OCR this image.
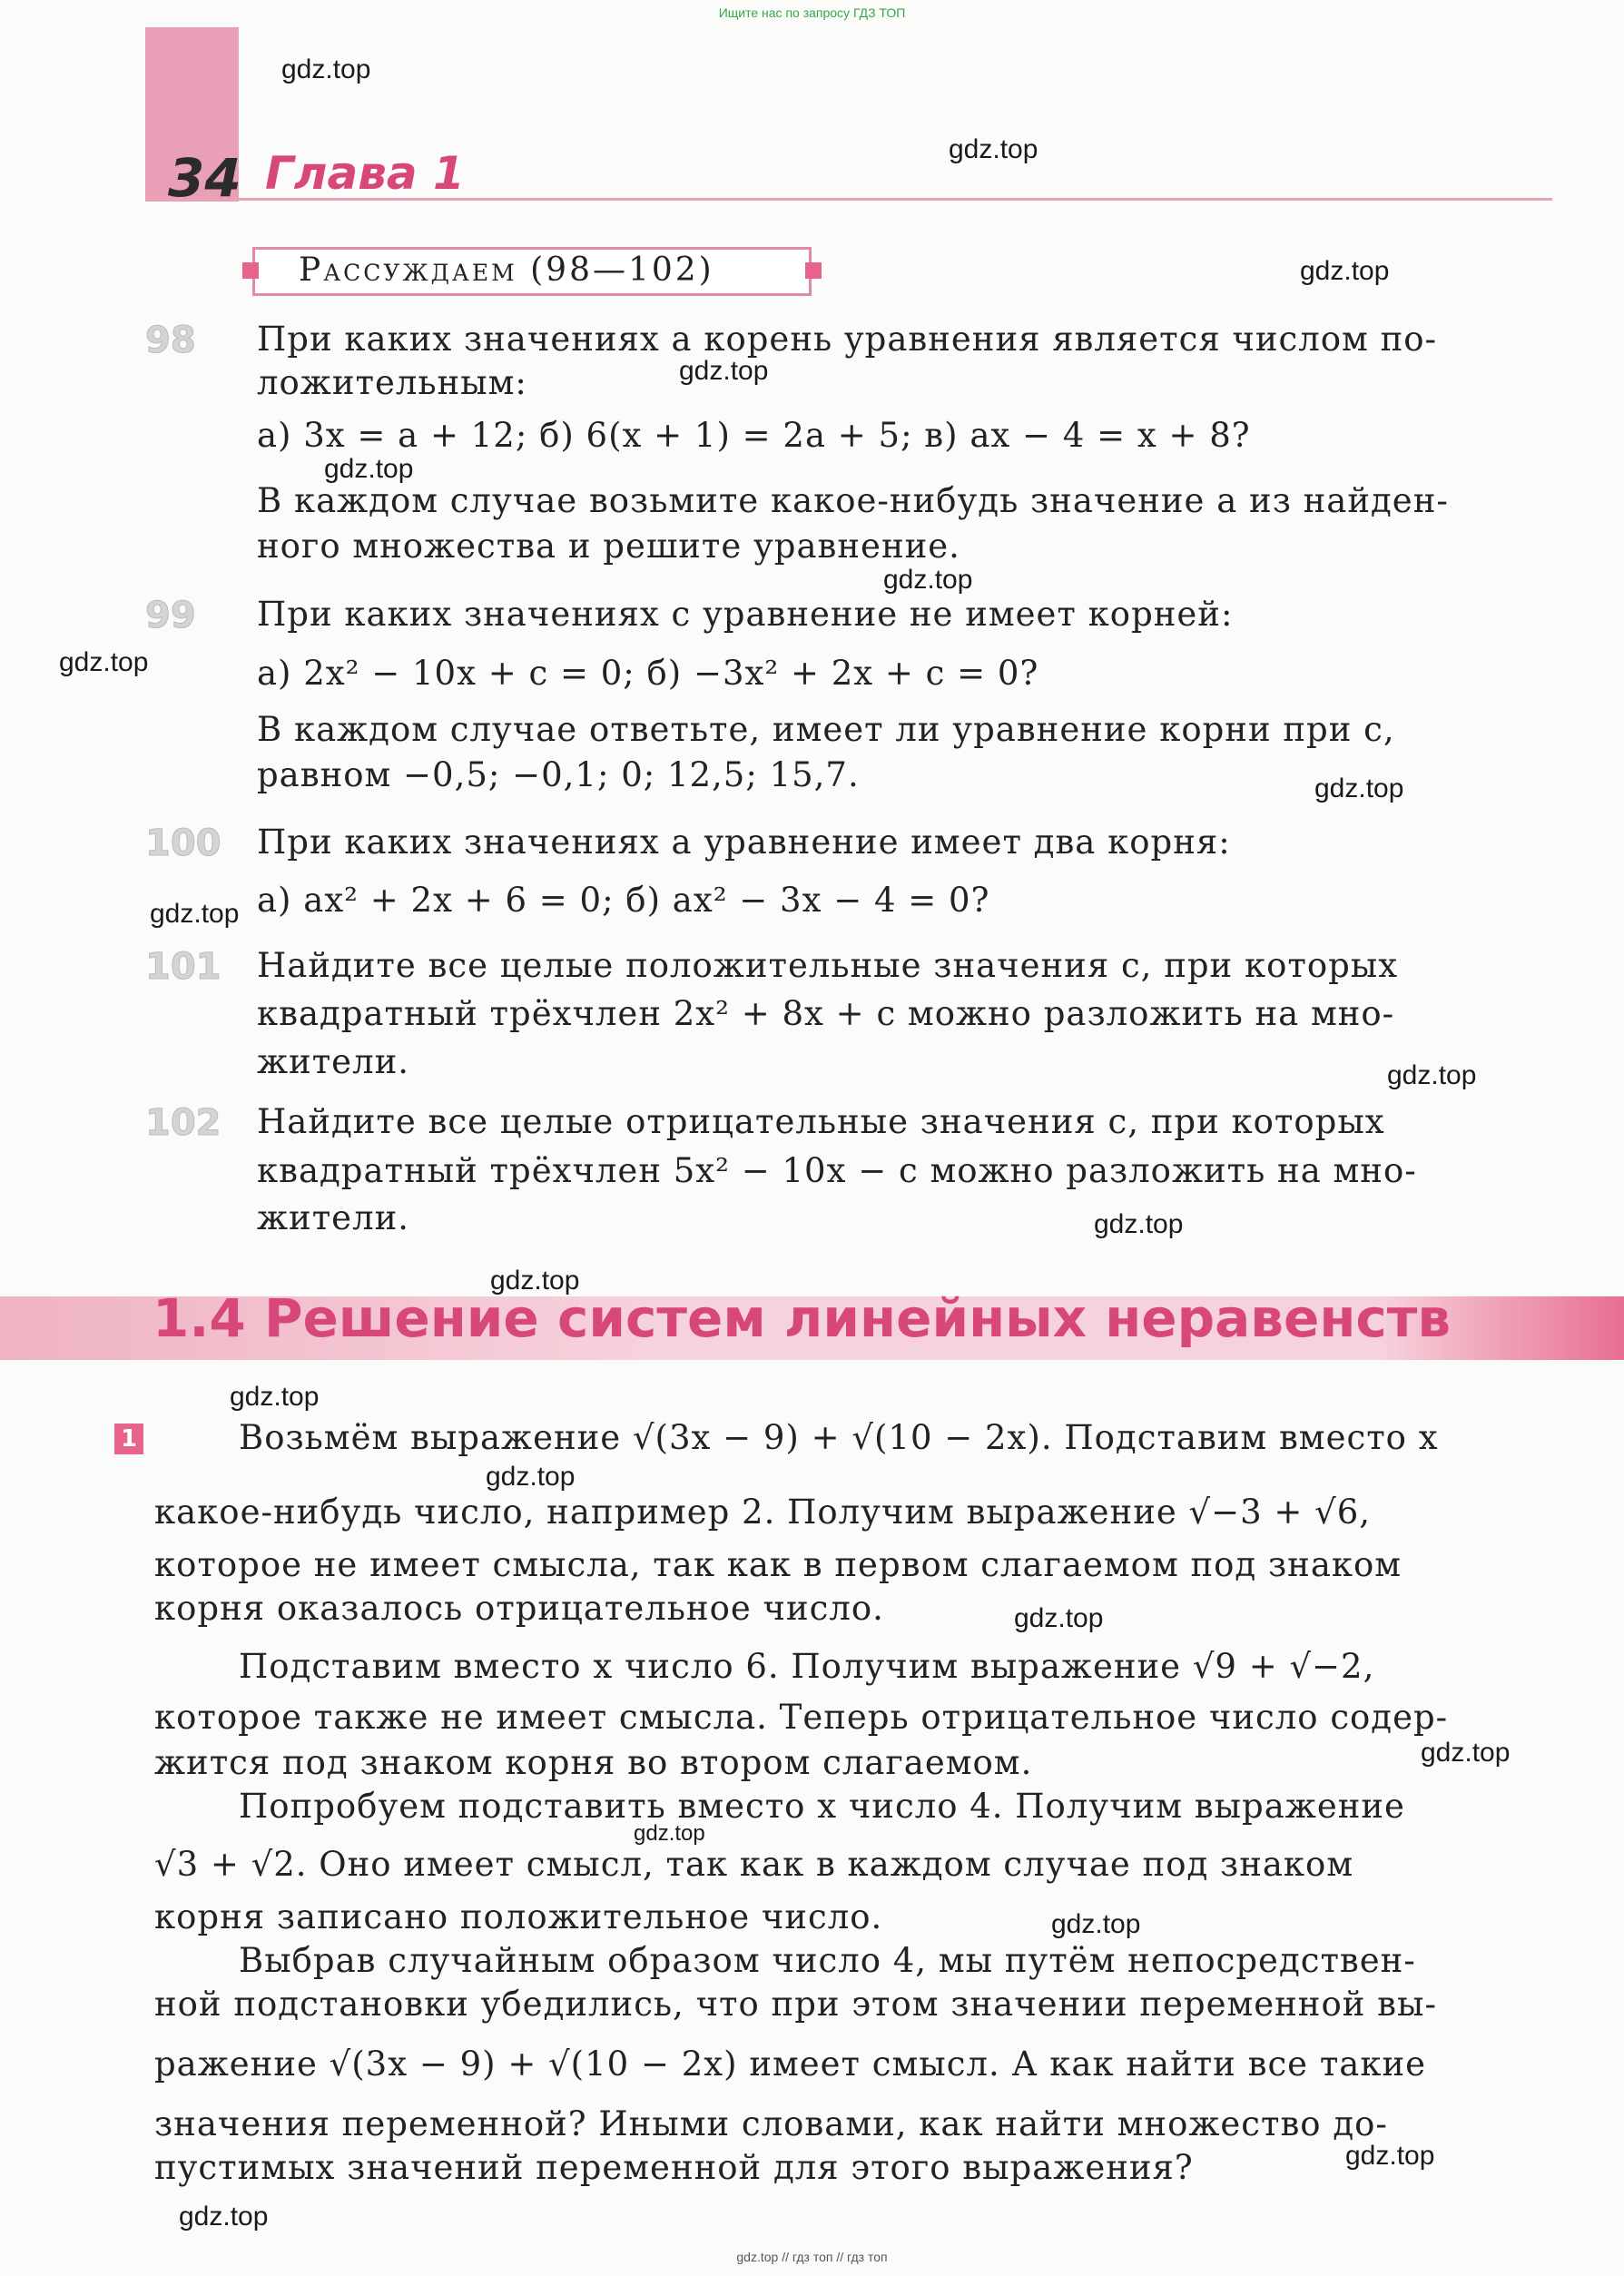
Ищите нас по запросу ГДЗ ТОП
34 Глава 1
gdz.top
gdz.top
gdz.top
gdz.top
gdz.top
gdz.top
gdz.top
gdz.top
gdz.top
gdz.top
gdz.top
gdz.top
gdz.top
gdz.top
gdz.top
gdz.top
gdz.top
gdz.top
gdz.top
gdz.top
Рассуждаем (98—102)
98 При каких значениях a корень уравнения является числом по-
ложительным:
а) 3x = a + 12; б) 6(x + 1) = 2a + 5; в) ax − 4 = x + 8?
В каждом случае возьмите какое-нибудь значение a из найден-
ного множества и решите уравнение.
99 При каких значениях c уравнение не имеет корней:
а) 2x² − 10x + c = 0; б) −3x² + 2x + c = 0?
В каждом случае ответьте, имеет ли уравнение корни при c,
равном −0,5; −0,1; 0; 12,5; 15,7.
100 При каких значениях a уравнение имеет два корня:
а) ax² + 2x + 6 = 0; б) ax² − 3x − 4 = 0?
101 Найдите все целые положительные значения c, при которых
квадратный трёхчлен 2x² + 8x + c можно разложить на мно-
жители.
102 Найдите все целые отрицательные значения c, при которых
квадратный трёхчлен 5x² − 10x − c можно разложить на мно-
жители.
1.4 Решение систем линейных неравенств
1	Возьмём выражение √(3x − 9) + √(10 − 2x). Подставим вместо x
какое-нибудь число, например 2. Получим выражение √−3 + √6,
которое не имеет смысла, так как в первом слагаемом под знаком
корня оказалось отрицательное число.
Подставим вместо x число 6. Получим выражение √9 + √−2,
которое также не имеет смысла. Теперь отрицательное число содер-
жится под знаком корня во втором слагаемом.
Попробуем подставить вместо x число 4. Получим выражение
√3 + √2. Оно имеет смысл, так как в каждом случае под знаком
корня записано положительное число.
Выбрав случайным образом число 4, мы путём непосредствен-
ной подстановки убедились, что при этом значении переменной вы-
ражение √(3x − 9) + √(10 − 2x) имеет смысл. А как найти все такие
значения переменной? Иными словами, как найти множество до-
пустимых значений переменной для этого выражения?
gdz.top // гдз топ // гдз топ
